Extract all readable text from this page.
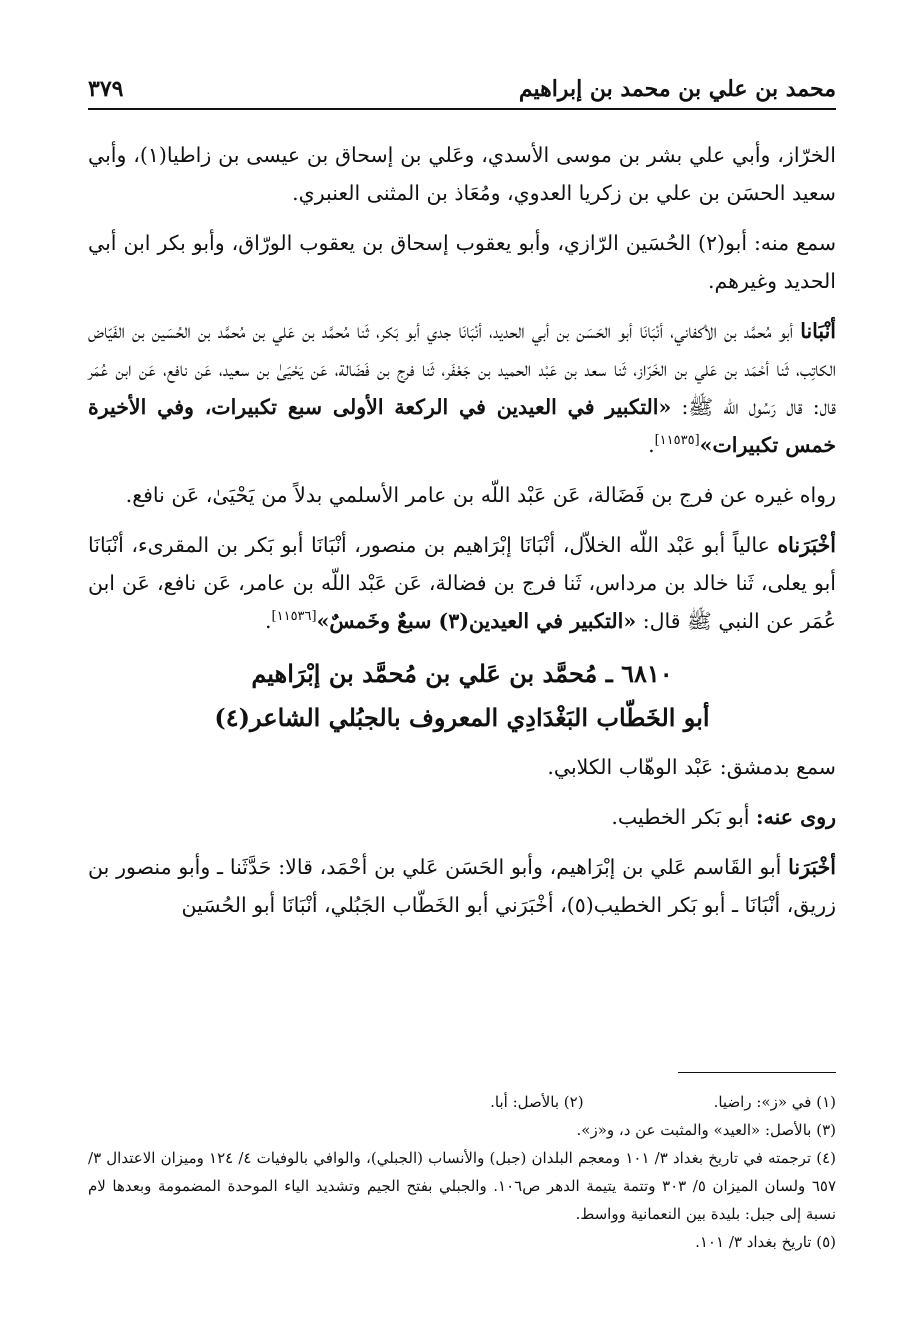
محمد بن علي بن محمد بن إبراهيم
٣٧٩

الخرّاز، وأبي علي بشر بن موسى الأسدي، وعَلي بن إسحاق بن عيسى بن زاطيا(١)، وأبي سعيد الحسَن بن علي بن زكريا العدوي، ومُعَاذ بن المثنى العنبري.

سمع منه: أبو(٢) الحُسَين الرّازي، وأبو يعقوب إسحاق بن يعقوب الورّاق، وأبو بكر ابن أبي الحديد وغيرهم.

أنْبَانا أبو مُحمَّد بن الأكفاني، أنْبَانَا أبو الحَسَن بن أبي الحديد، أنْبَانَا جدي أبو بَكر، ثَنا مُحمَّد بن عَلي بن مُحمَّد بن الحُسَين بن الفَيّاض الكاتِب، ثَنا أحْمَد بن عَلي بن الخَرّاز، ثَنا سعد بن عَبْد الحميد بن جَعْفَر، ثَنا فرج بن فَضَالة، عَن يَحْيَىٰ بن سعيد، عَن نافع، عَن ابن عُمَر قال: قال رَسُول الله ﷺ: «التكبير في العيدين في الركعة الأولى سبع تكبيرات، وفي الأخيرة خمس تكبيرات»[١١٥٣٥].

رواه غيره عن فرج بن فَضَالة، عَن عَبْد اللّه بن عامر الأسلمي بدلاً من يَحْيَىٰ، عَن نافع.

أخْبَرَناه عالياً أبو عَبْد اللّه الخلاّل، أنْبَانَا إبْرَاهيم بن منصور، أنْبَانَا أبو بَكر بن المقرىء، أنْبَانَا أبو يعلى، ثَنا خالد بن مرداس، ثَنا فرج بن فضالة، عَن عَبْد اللّه بن عامر، عَن نافع، عَن ابن عُمَر عن النبي ﷺ قال: «التكبير في العيدين(٣) سبعٌ وخَمسٌ»[١١٥٣٦].

٦٨١٠ ـ مُحمَّد بن عَلي بن مُحمَّد بن إبْرَاهيم
أبو الخَطّاب البَغْدَادِي المعروف بالجبُلي الشاعر(٤)

سمع بدمشق: عَبْد الوهّاب الكلابي.

روى عنه: أبو بَكر الخطيب.

أخْبَرَنا أبو القَاسم عَلي بن إبْرَاهيم، وأبو الحَسَن عَلي بن أحْمَد، قالا: حَدَّثَنا ـ وأبو منصور بن زريق، أنْبَانَا ـ أبو بَكر الخطيب(٥)، أخْبَرَني أبو الخَطّاب الجَبُلي، أنْبَانَا أبو الحُسَين

(١) في «ز»: راضيا.
(٢) بالأصل: أبا.

(٣) بالأصل: «العيد» والمثبت عن د، و«ز».

(٤) ترجمته في تاريخ بغداد ٣/ ١٠١ ومعجم البلدان (جبل) والأنساب (الجبلي)، والوافي بالوفيات ٤/ ١٢٤ وميزان الاعتدال ٣/ ٦٥٧ ولسان الميزان ٥/ ٣٠٣ وتتمة يتيمة الدهر ص١٠٦. والجبلي بفتح الجيم وتشديد الياء الموحدة المضمومة وبعدها لام نسبة إلى جبل: بليدة بين النعمانية وواسط.

(٥) تاريخ بغداد ٣/ ١٠١.
